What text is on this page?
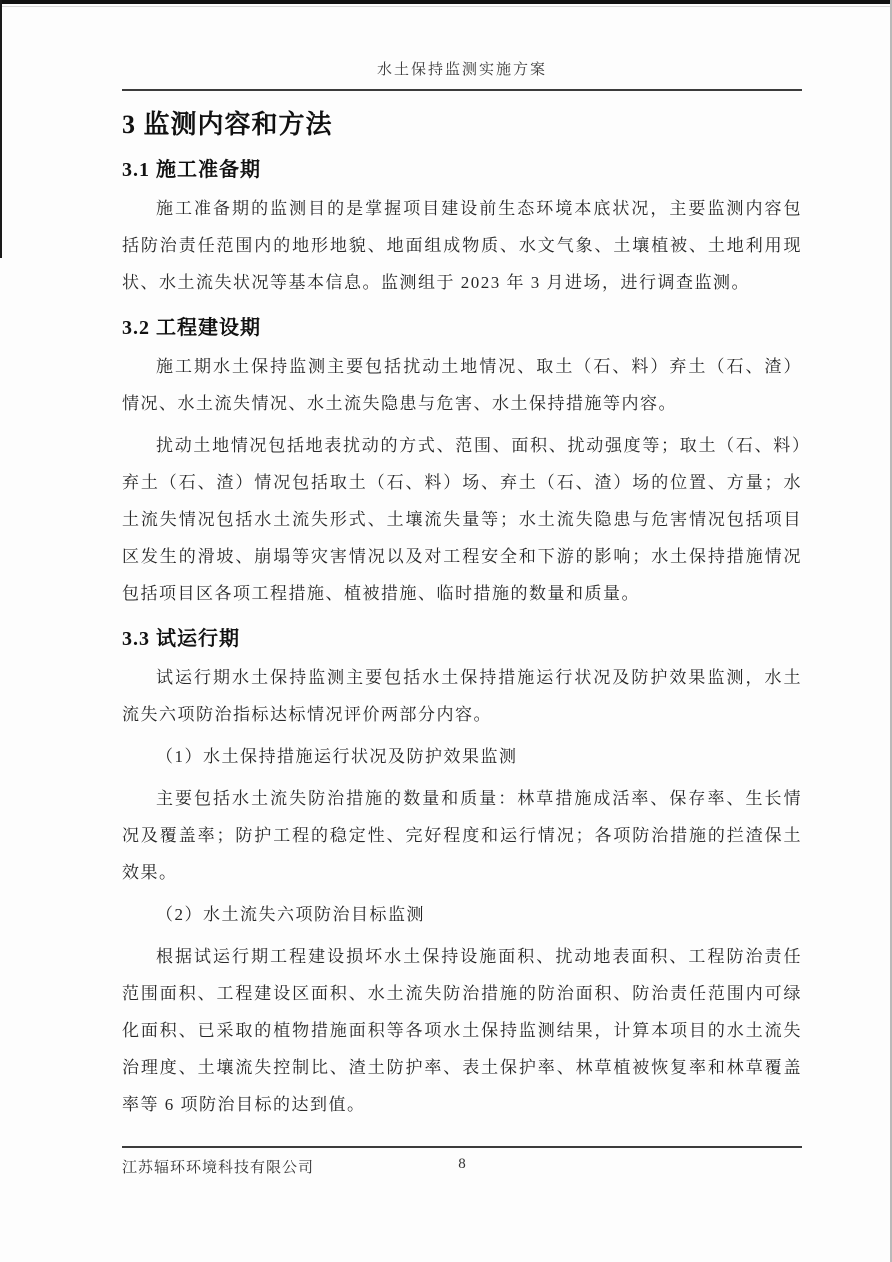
水土保持监测实施方案
3 监测内容和方法
3.1 施工准备期

施工准备期的监测目的是掌握项目建设前生态环境本底状况，主要监测内容包括防治责任范围内的地形地貌、地面组成物质、水文气象、土壤植被、土地利用现状、水土流失状况等基本信息。监测组于 2023 年 3 月进场，进行调查监测。

3.2 工程建设期

施工期水土保持监测主要包括扰动土地情况、取土（石、料）弃土（石、渣）情况、水土流失情况、水土流失隐患与危害、水土保持措施等内容。

扰动土地情况包括地表扰动的方式、范围、面积、扰动强度等；取土（石、料）弃土（石、渣）情况包括取土（石、料）场、弃土（石、渣）场的位置、方量；水土流失情况包括水土流失形式、土壤流失量等；水土流失隐患与危害情况包括项目区发生的滑坡、崩塌等灾害情况以及对工程安全和下游的影响；水土保持措施情况包括项目区各项工程措施、植被措施、临时措施的数量和质量。

3.3 试运行期

试运行期水土保持监测主要包括水土保持措施运行状况及防护效果监测，水土流失六项防治指标达标情况评价两部分内容。

（1）水土保持措施运行状况及防护效果监测

主要包括水土流失防治措施的数量和质量：林草措施成活率、保存率、生长情况及覆盖率；防护工程的稳定性、完好程度和运行情况；各项防治措施的拦渣保土效果。

（2）水土流失六项防治目标监测

根据试运行期工程建设损坏水土保持设施面积、扰动地表面积、工程防治责任范围面积、工程建设区面积、水土流失防治措施的防治面积、防治责任范围内可绿化面积、已采取的植物措施面积等各项水土保持监测结果，计算本项目的水土流失治理度、土壤流失控制比、渣土防护率、表土保护率、林草植被恢复率和林草覆盖率等 6 项防治目标的达到值。

江苏辐环环境科技有限公司	8
